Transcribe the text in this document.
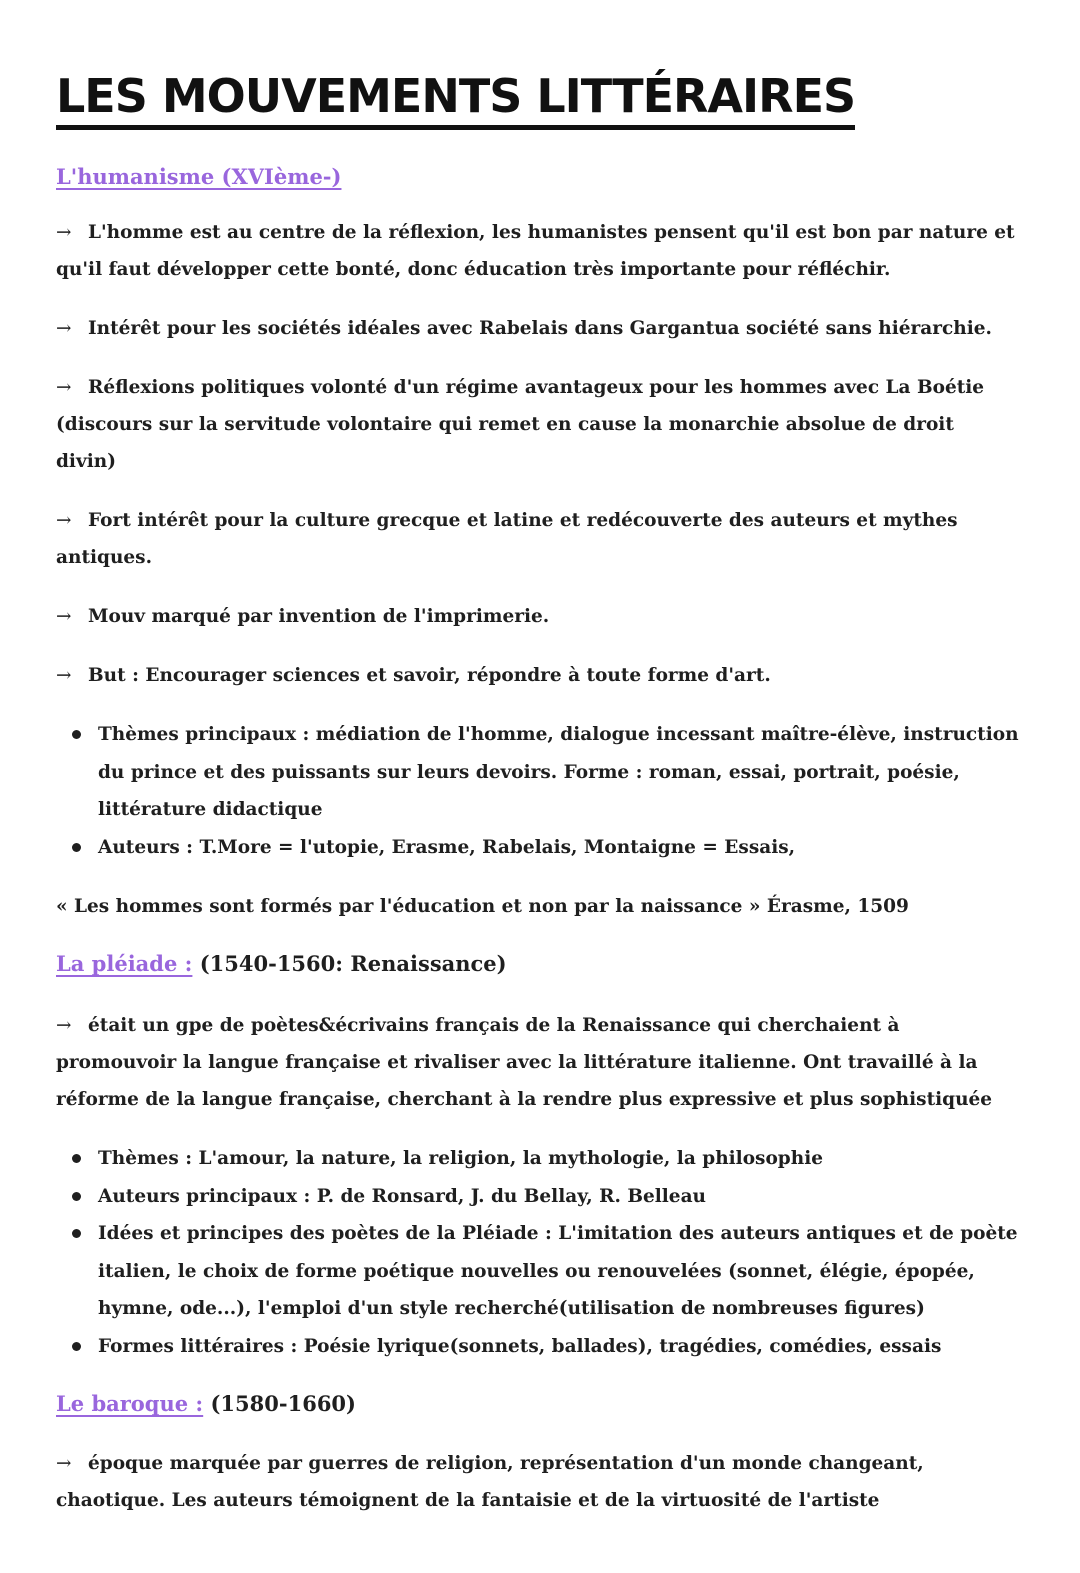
LES MOUVEMENTS LITTÉRAIRES
L'humanisme (XVIème-)

→ L'homme est au centre de la réflexion, les humanistes pensent qu'il est bon par nature et qu'il faut développer cette bonté, donc éducation très importante pour réfléchir.

→ Intérêt pour les sociétés idéales avec Rabelais dans Gargantua société sans hiérarchie.

→ Réflexions politiques volonté d'un régime avantageux pour les hommes avec La Boétie (discours sur la servitude volontaire qui remet en cause la monarchie absolue de droit divin)

→ Fort intérêt pour la culture grecque et latine et redécouverte des auteurs et mythes antiques.

→ Mouv marqué par invention de l'imprimerie.

→ But : Encourager sciences et savoir, répondre à toute forme d'art.

Thèmes principaux : médiation de l'homme, dialogue incessant maître-élève, instruction du prince et des puissants sur leurs devoirs. Forme : roman, essai, portrait, poésie, littérature didactique
Auteurs : T.More = l'utopie, Erasme, Rabelais, Montaigne = Essais,

« Les hommes sont formés par l'éducation et non par la naissance » Érasme, 1509

La pléiade : (1540-1560: Renaissance)

→ était un gpe de poètes&écrivains français de la Renaissance qui cherchaient à promouvoir la langue française et rivaliser avec la littérature italienne. Ont travaillé à la réforme de la langue française, cherchant à la rendre plus expressive et plus sophistiquée

Thèmes : L'amour, la nature, la religion, la mythologie, la philosophie
Auteurs principaux : P. de Ronsard, J. du Bellay, R. Belleau
Idées et principes des poètes de la Pléiade : L'imitation des auteurs antiques et de poète italien, le choix de forme poétique nouvelles ou renouvelées (sonnet, élégie, épopée, hymne, ode...), l'emploi d'un style recherché(utilisation de nombreuses figures)
Formes littéraires : Poésie lyrique(sonnets, ballades), tragédies, comédies, essais
Le baroque : (1580-1660)

→ époque marquée par guerres de religion, représentation d'un monde changeant, chaotique. Les auteurs témoignent de la fantaisie et de la virtuosité de l'artiste
